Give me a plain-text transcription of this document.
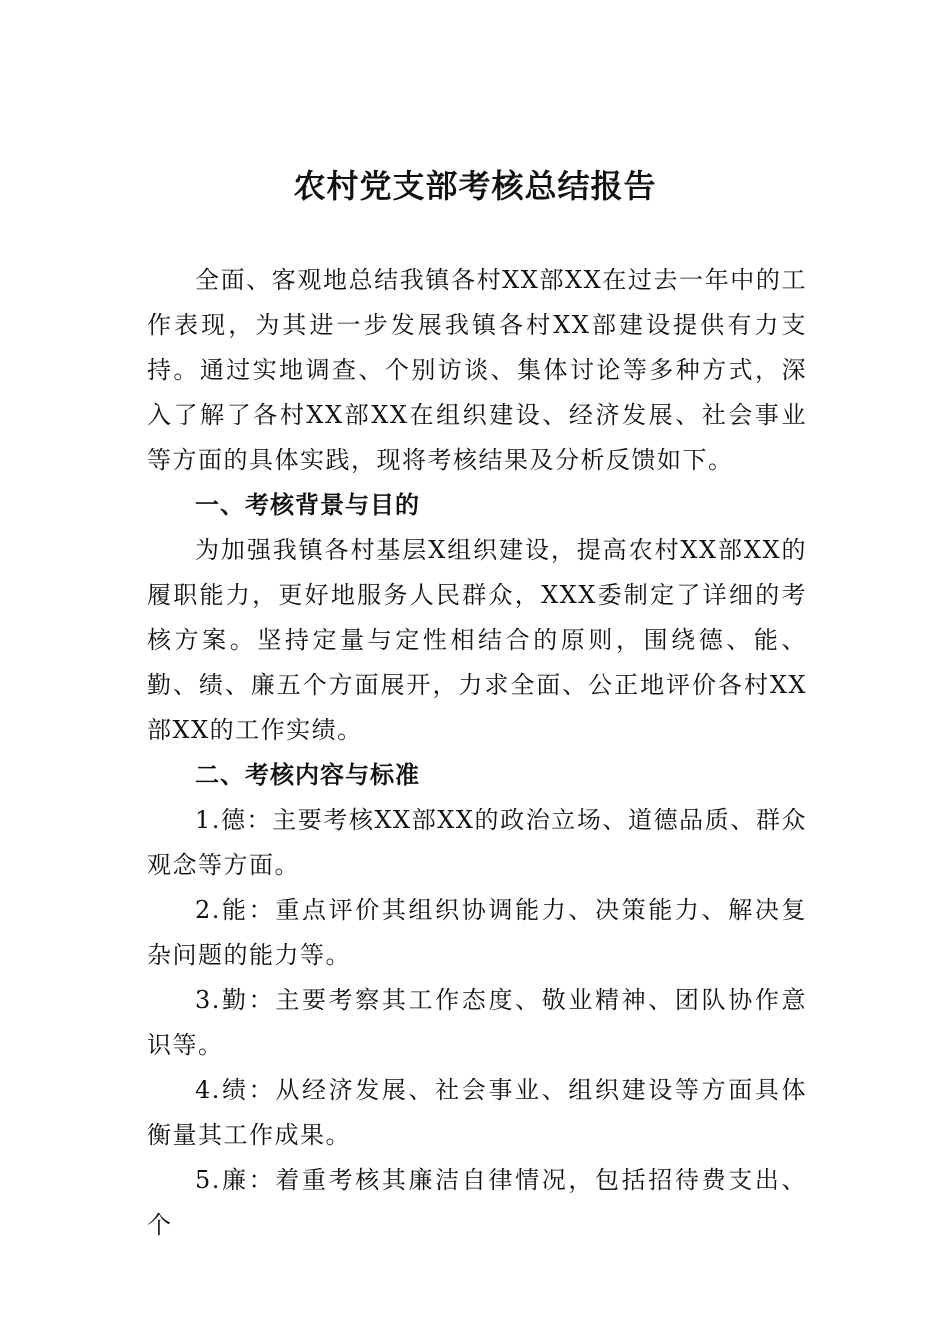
农村党支部考核总结报告

全面、客观地总结我镇各村XX部XX在过去一年中的工作表现，为其进一步发展我镇各村XX部建设提供有力支持。通过实地调查、个别访谈、集体讨论等多种方式，深入了解了各村XX部XX在组织建设、经济发展、社会事业等方面的具体实践，现将考核结果及分析反馈如下。

一、考核背景与目的

为加强我镇各村基层X组织建设，提高农村XX部XX的履职能力，更好地服务人民群众，XXX委制定了详细的考核方案。坚持定量与定性相结合的原则，围绕德、能、勤、绩、廉五个方面展开，力求全面、公正地评价各村XX部XX的工作实绩。

二、考核内容与标准

1.德：主要考核XX部XX的政治立场、道德品质、群众观念等方面。

2.能：重点评价其组织协调能力、决策能力、解决复杂问题的能力等。

3.勤：主要考察其工作态度、敬业精神、团队协作意识等。

4.绩：从经济发展、社会事业、组织建设等方面具体衡量其工作成果。

5.廉：着重考核其廉洁自律情况，包括招待费支出、个
